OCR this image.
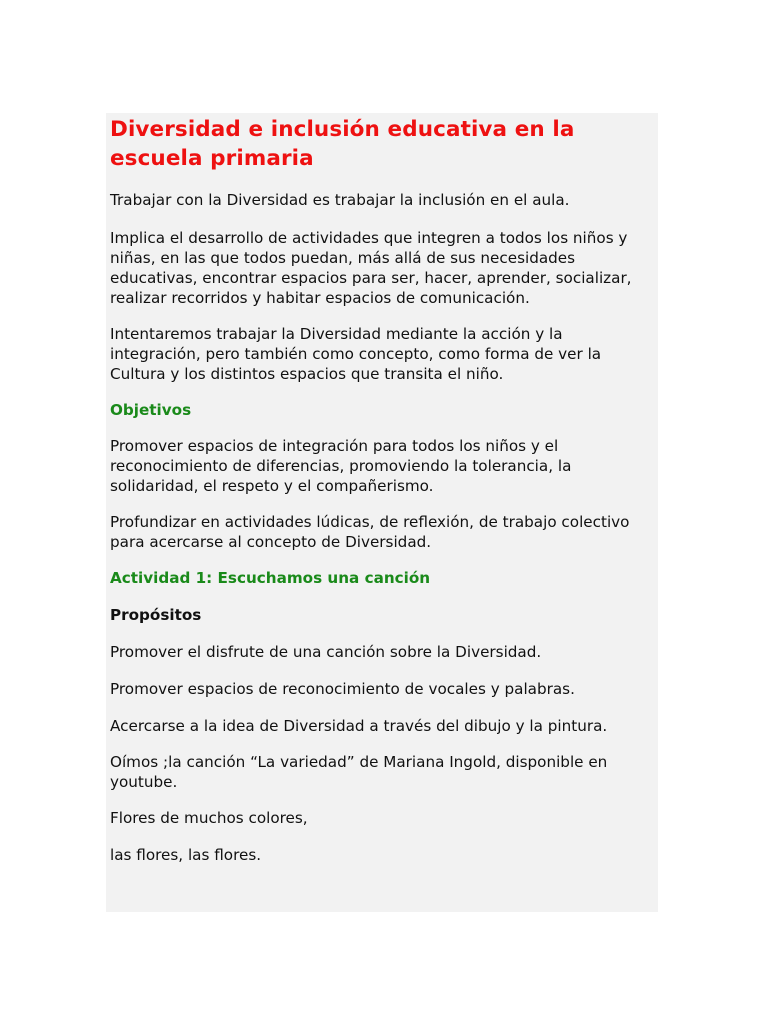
Diversidad e inclusión educativa en la escuela primaria

Trabajar con la Diversidad es trabajar la inclusión en el aula.

Implica el desarrollo de actividades que integren a todos los niños y niñas, en las que todos puedan, más allá de sus necesidades educativas, encontrar espacios para ser, hacer, aprender, socializar, realizar recorridos y habitar espacios de comunicación.

Intentaremos trabajar la Diversidad mediante la acción y la integración, pero también como concepto, como forma de ver la Cultura y los distintos espacios que transita el niño.

Objetivos

Promover espacios de integración para todos los niños y el reconocimiento de diferencias, promoviendo la tolerancia, la solidaridad, el respeto y el compañerismo.

Profundizar en actividades lúdicas, de reflexión, de trabajo colectivo para acercarse al concepto de Diversidad.

Actividad 1: Escuchamos una canción
Propósitos

Promover el disfrute de una canción sobre la Diversidad.

Promover espacios de reconocimiento de vocales y palabras.

Acercarse a la idea de Diversidad a través del dibujo y la pintura.

Oímos ;la canción “La variedad” de Mariana Ingold, disponible en youtube.

Flores de muchos colores,

las flores, las flores.
